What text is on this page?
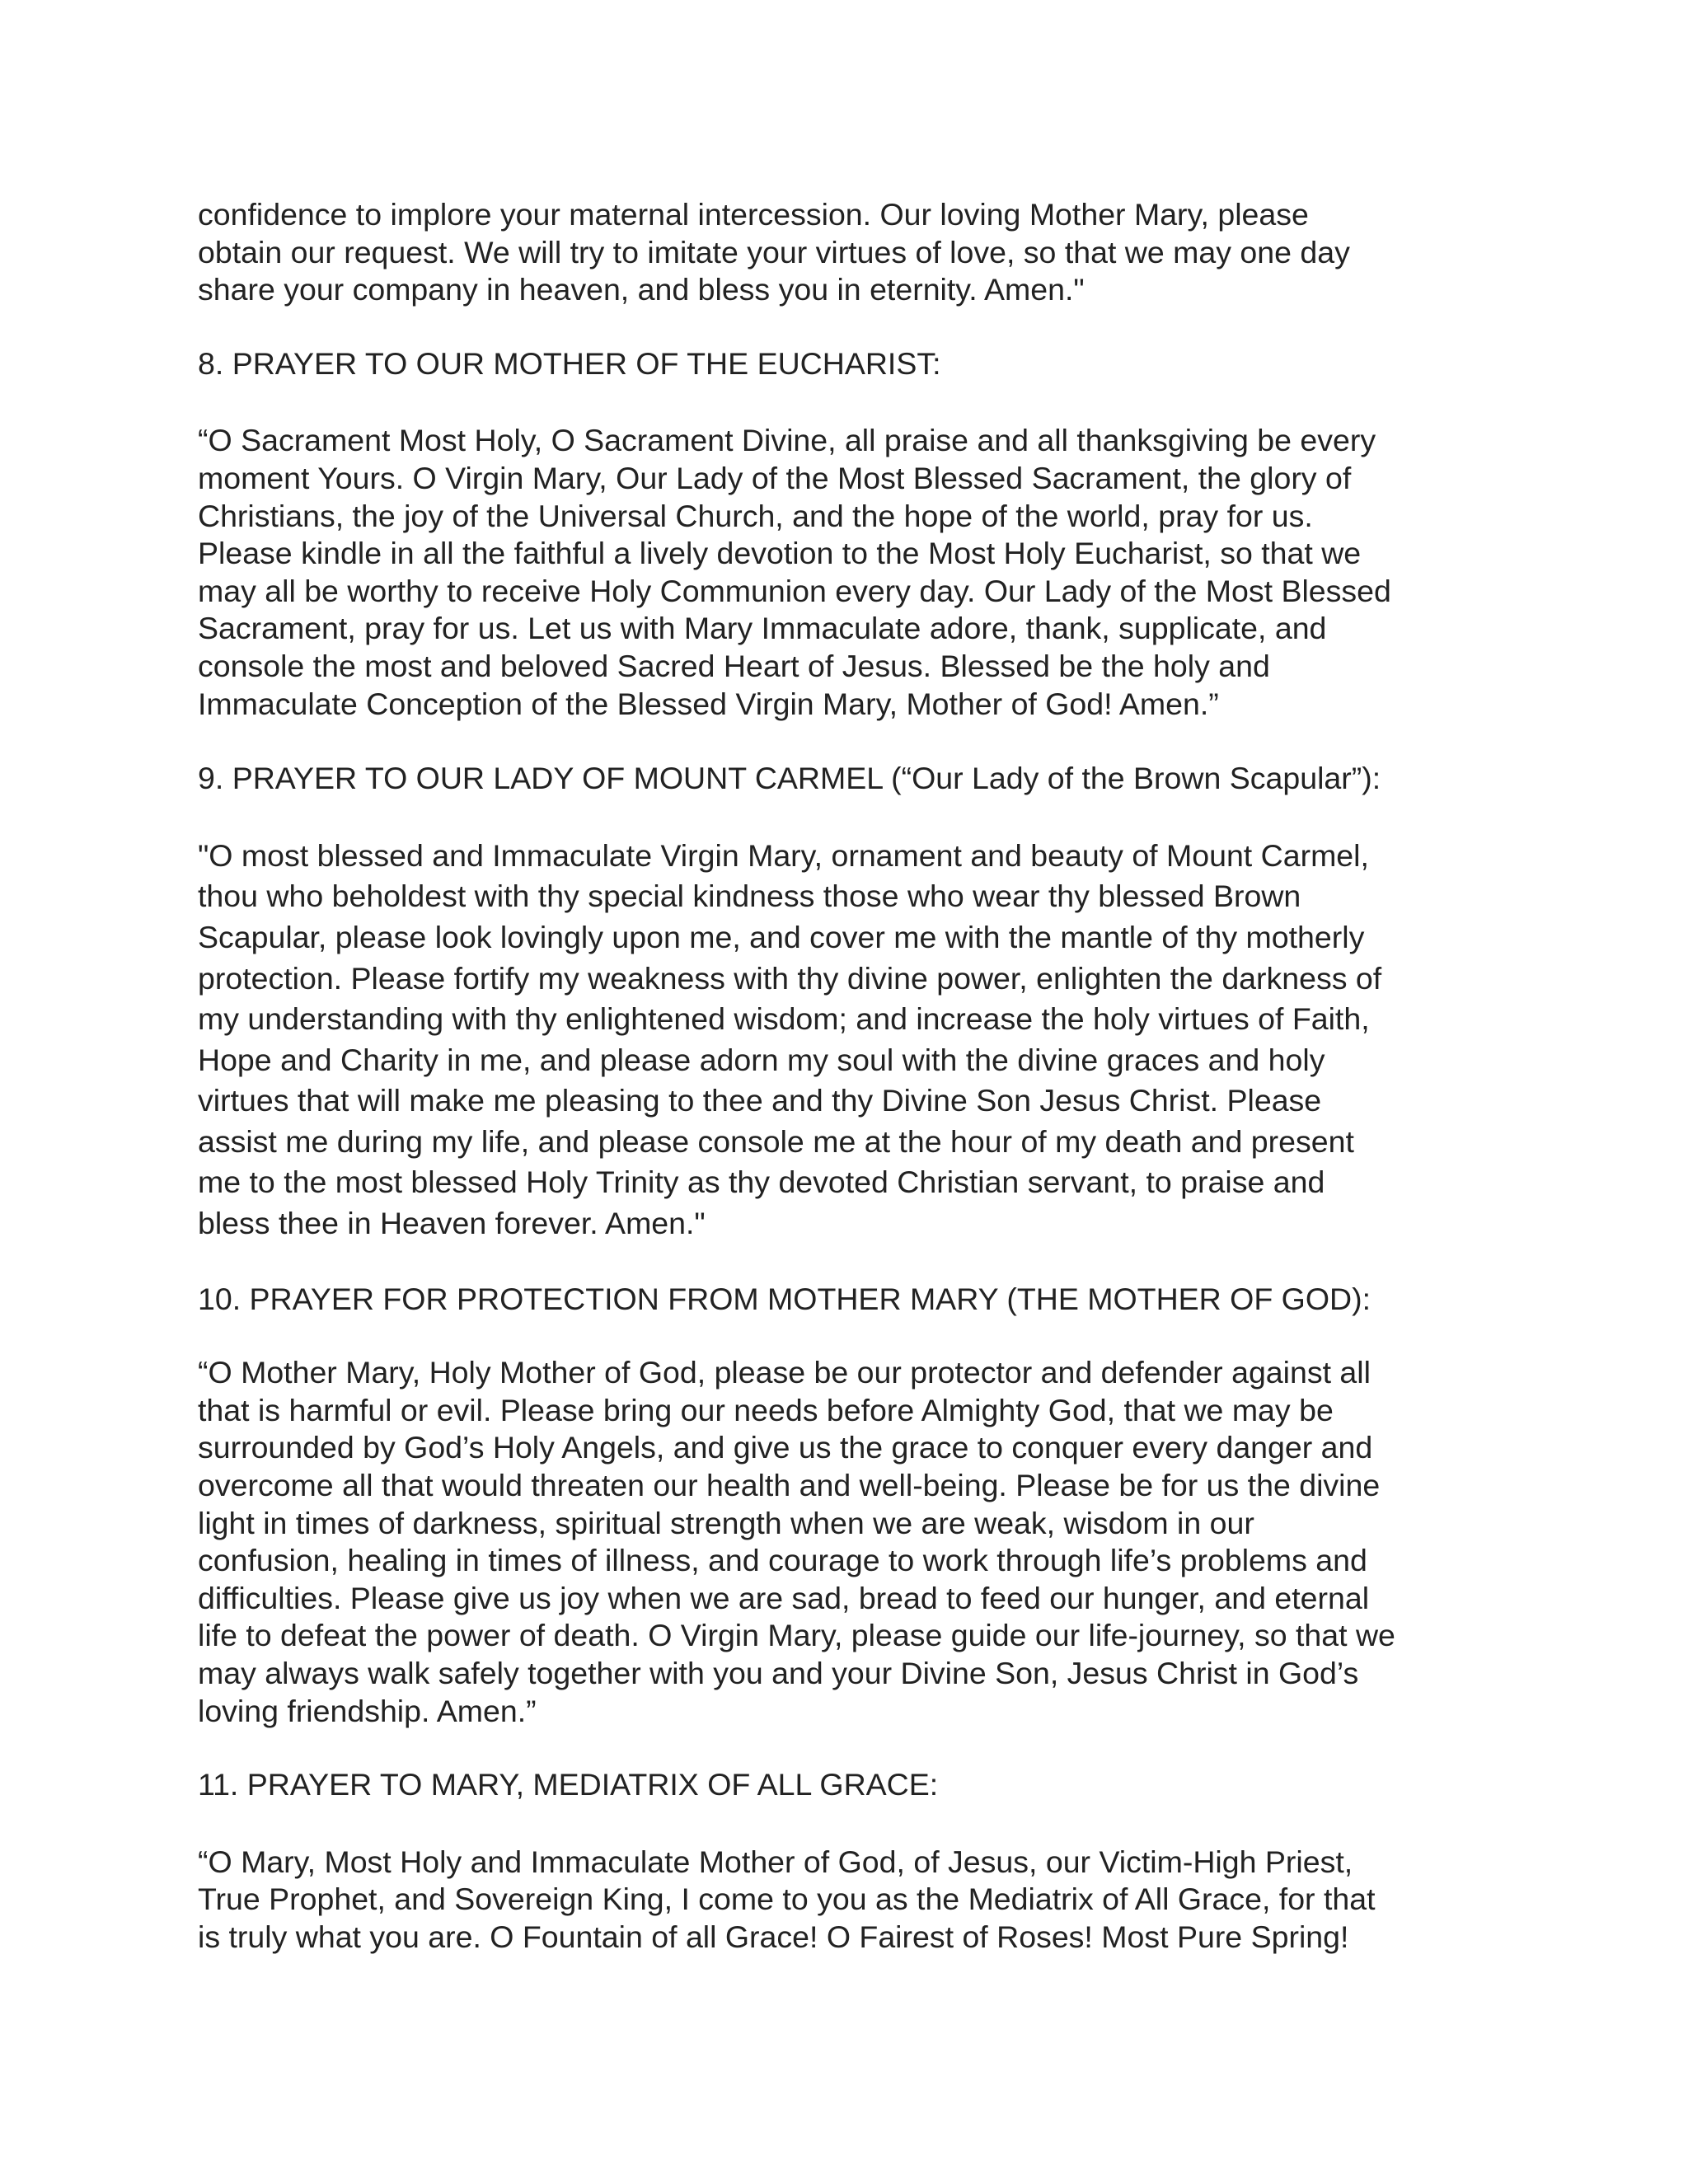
confidence to implore your maternal intercession. Our loving Mother Mary, please
obtain our request. We will try to imitate your virtues of love, so that we may one day
share your company in heaven, and bless you in eternity. Amen."

8. PRAYER TO OUR MOTHER OF THE EUCHARIST:

“O Sacrament Most Holy, O Sacrament Divine, all praise and all thanksgiving be every
moment Yours. O Virgin Mary, Our Lady of the Most Blessed Sacrament, the glory of
Christians, the joy of the Universal Church, and the hope of the world, pray for us.
Please kindle in all the faithful a lively devotion to the Most Holy Eucharist, so that we
may all be worthy to receive Holy Communion every day. Our Lady of the Most Blessed
Sacrament, pray for us. Let us with Mary Immaculate adore, thank, supplicate, and
console the most and beloved Sacred Heart of Jesus. Blessed be the holy and
Immaculate Conception of the Blessed Virgin Mary, Mother of God! Amen.”

9. PRAYER TO OUR LADY OF MOUNT CARMEL (“Our Lady of the Brown Scapular”):

"O most blessed and Immaculate Virgin Mary, ornament and beauty of Mount Carmel,
thou who beholdest with thy special kindness those who wear thy blessed Brown
Scapular, please look lovingly upon me, and cover me with the mantle of thy motherly
protection. Please fortify my weakness with thy divine power, enlighten the darkness of
my understanding with thy enlightened wisdom; and increase the holy virtues of Faith,
Hope and Charity in me, and please adorn my soul with the divine graces and holy
virtues that will make me pleasing to thee and thy Divine Son Jesus Christ. Please
assist me during my life, and please console me at the hour of my death and present
me to the most blessed Holy Trinity as thy devoted Christian servant, to praise and
bless thee in Heaven forever. Amen."

10. PRAYER FOR PROTECTION FROM MOTHER MARY (THE MOTHER OF GOD):

“O Mother Mary, Holy Mother of God, please be our protector and defender against all
that is harmful or evil. Please bring our needs before Almighty God, that we may be
surrounded by God’s Holy Angels, and give us the grace to conquer every danger and
overcome all that would threaten our health and well-being. Please be for us the divine
light in times of darkness, spiritual strength when we are weak, wisdom in our
confusion, healing in times of illness, and courage to work through life’s problems and
difficulties. Please give us joy when we are sad, bread to feed our hunger, and eternal
life to defeat the power of death. O Virgin Mary, please guide our life-journey, so that we
may always walk safely together with you and your Divine Son, Jesus Christ in God’s
loving friendship. Amen.”

11. PRAYER TO MARY, MEDIATRIX OF ALL GRACE:

“O Mary, Most Holy and Immaculate Mother of God, of Jesus, our Victim-High Priest,
True Prophet, and Sovereign King, I come to you as the Mediatrix of All Grace, for that
is truly what you are. O Fountain of all Grace! O Fairest of Roses! Most Pure Spring!
